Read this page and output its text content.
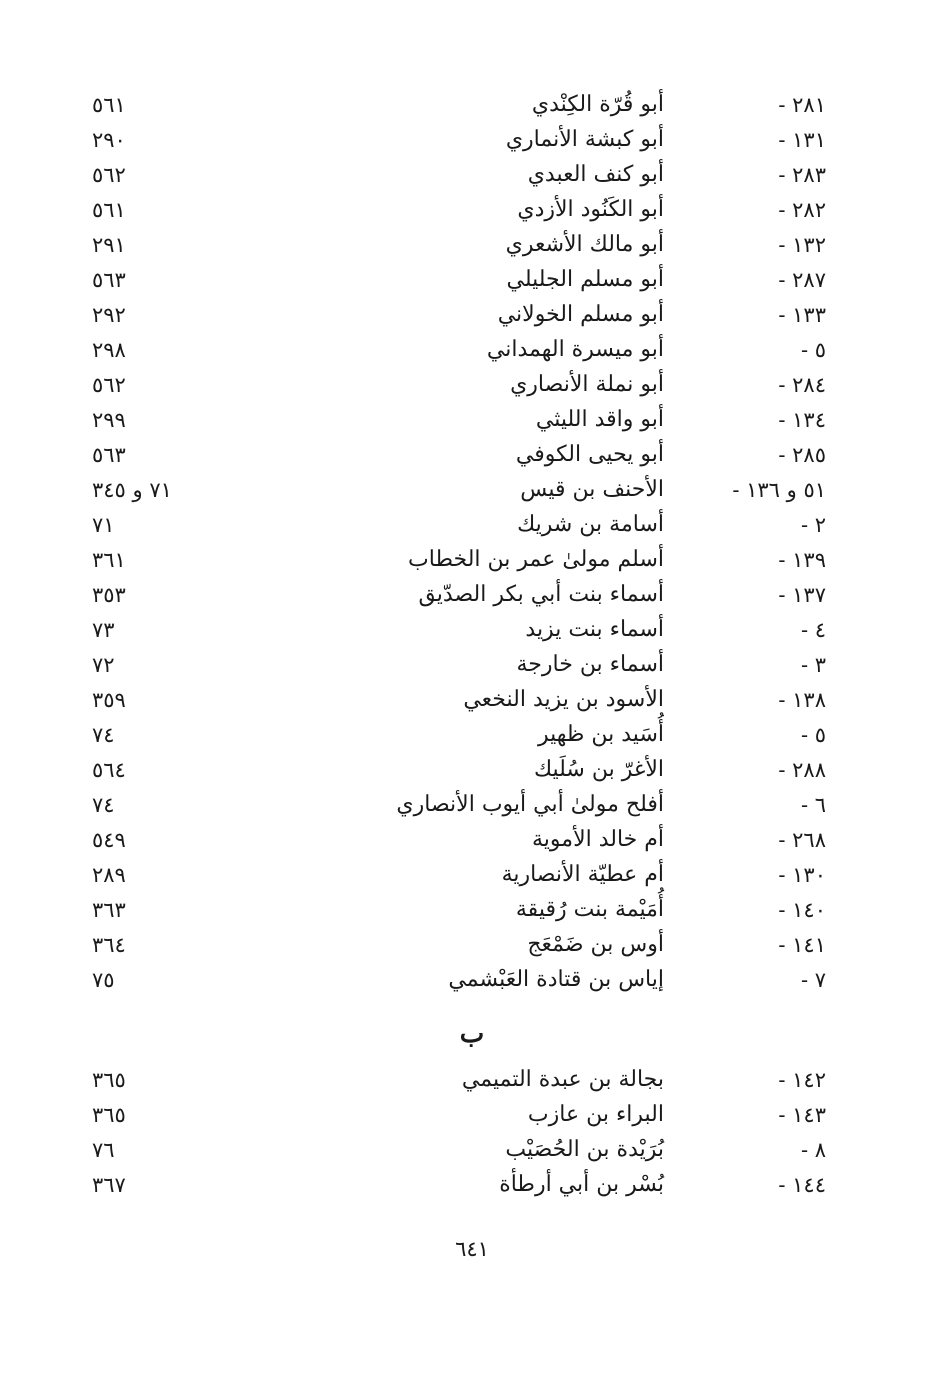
٢٨١ -
أبو قُرّة الكِنْدي
٥٦١
١٣١ -
أبو كبشة الأنماري
٢٩٠
٢٨٣ -
أبو كنف العبدي
٥٦٢
٢٨٢ -
أبو الكَنُود الأزدي
٥٦١
١٣٢ -
أبو مالك الأشعري
٢٩١
٢٨٧ -
أبو مسلم الجليلي
٥٦٣
١٣٣ -
أبو مسلم الخولاني
٢٩٢
٥ -
أبو ميسرة الهمداني
٢٩٨
٢٨٤ -
أبو نملة الأنصاري
٥٦٢
١٣٤ -
أبو واقد الليثي
٢٩٩
٢٨٥ -
أبو يحيى الكوفي
٥٦٣
٥١ و ١٣٦ -
الأحنف بن قيس
٧١ و ٣٤٥
٢ -
أسامة بن شريك
٧١
١٣٩ -
أسلم مولىٰ عمر بن الخطاب
٣٦١
١٣٧ -
أسماء بنت أبي بكر الصدّيق
٣٥٣
٤ -
أسماء بنت يزيد
٧٣
٣ -
أسماء بن خارجة
٧٢
١٣٨ -
الأسود بن يزيد النخعي
٣٥٩
٥ -
أُسَيد بن ظهير
٧٤
٢٨٨ -
الأغرّ بن سُلَيك
٥٦٤
٦ -
أفلح مولىٰ أبي أيوب الأنصاري
٧٤
٢٦٨ -
أم خالد الأموية
٥٤٩
١٣٠ -
أم عطيّة الأنصارية
٢٨٩
١٤٠ -
أُمَيْمة بنت رُقيقة
٣٦٣
١٤١ -
أوس بن ضَمْعَج
٣٦٤
٧ -
إياس بن قتادة العَبْشمي
٧٥
ب
١٤٢ -
بجالة بن عبدة التميمي
٣٦٥
١٤٣ -
البراء بن عازب
٣٦٥
٨ -
بُرَيْدة بن الحُصَيْب
٧٦
١٤٤ -
بُسْر بن أبي أرطأة
٣٦٧
٦٤١
